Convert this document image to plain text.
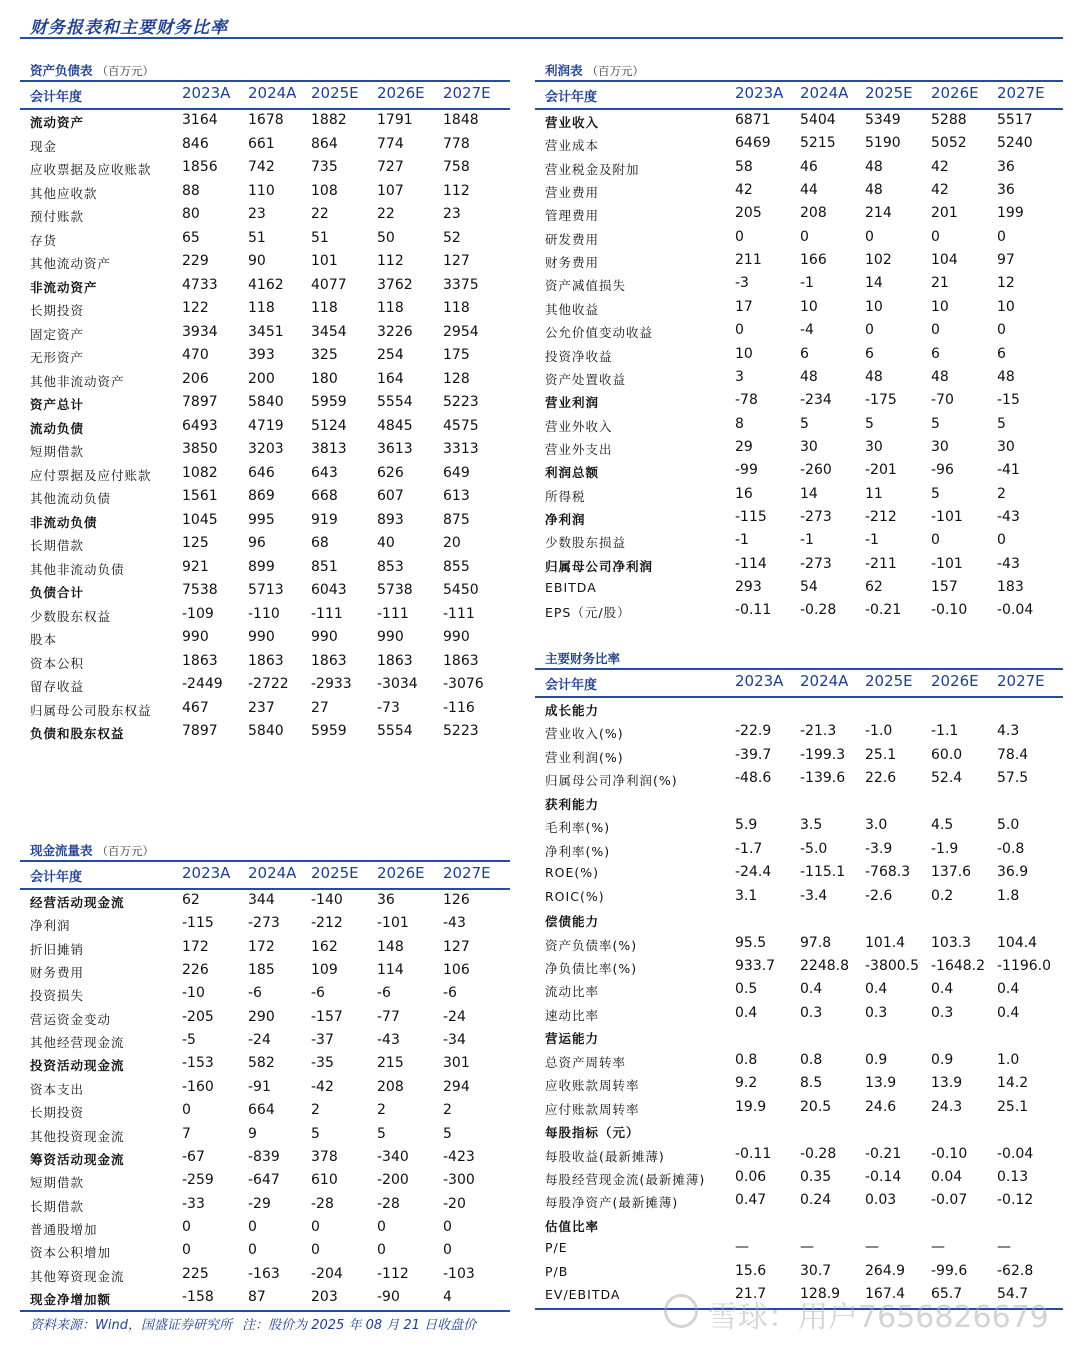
财务报表和主要财务比率
资产负债表 （百万元）
会计年度	2023A 2024A 2025E 2026E 2027E
流动资产	3164 1678 1882 1791 1848
现金	846	661	864	774	778
应收票据及应收账款 1856 742	735	727	758
其他应收款	88	110	108	107	112
预付账款	80	23	22	22	23
存货	65	51	51	50	52
其他流动资产	229	90	101	112	127
非流动资产	4733 4162 4077 3762 3375
长期投资	122	118	118	118	118
固定资产	3934 3451 3454 3226 2954
无形资产	470	393	325	254	175
其他非流动资产	206	200	180	164	128
资产总计	7897 5840 5959 5554 5223
流动负债	6493 4719 5124 4845 4575
短期借款	3850 3203 3813 3613 3313
应付票据及应付账款 1082 646	643	626	649
其他流动负债	1561 869	668	607	613
非流动负债	1045 995	919	893	875
长期借款	125	96	68	40	20
其他非流动负债	921	899	851	853	855
负债合计	7538 5713 6043 5738 5450
少数股东权益	-109 -110 -111 -111 -111
股本	990	990	990	990	990
资本公积	1863 1863 1863 1863 1863
留存收益	-2449 -2722 -2933 -3034 -3076
归属母公司股东权益 467	237	27	-73	-116
负债和股东权益	7897 5840 5959 5554 5223
利润表 （百万元）
会计年度	2023A 2024A 2025E 2026E 2027E
营业收入	6871 5404 5349 5288 5517
营业成本	6469 5215 5190 5052 5240
营业税金及附加	58	46	48	42	36
营业费用	42	44	48	42	36
管理费用	205	208	214	201	199
研发费用	0	0	0	0	0
财务费用	211	166	102	104	97
资产减值损失	-3	-1	14	21	12
其他收益	17	10	10	10	10
公允价值变动收益	0	-4	0	0	0
投资净收益	10	6	6	6	6
资产处置收益	3	48	48	48	48
营业利润	-78	-234 -175 -70	-15
营业外收入	8	5	5	5	5
营业外支出	29	30	30	30	30
利润总额	-99	-260 -201 -96	-41
所得税	16	14	11	5	2
净利润	-115 -273 -212 -101 -43
少数股东损益	-1	-1	-1	0	0
归属母公司净利润	-114 -273 -211 -101 -43
EBITDA	293	54	62	157	183
EPS（元/股）	-0.11 -0.28 -0.21 -0.10 -0.04
主要财务比率
会计年度	2023A 2024A 2025E 2026E 2027E
成长能力
营业收入(%)	-22.9 -21.3 -1.0	-1.1	4.3
营业利润(%)	-39.7 -199.3 25.1 60.0 78.4
归属母公司净利润(%)	-48.6 -139.6 22.6 52.4 57.5
获利能力
毛利率(%)	5.9	3.5	3.0	4.5	5.0
净利率(%)	-1.7	-5.0	-3.9	-1.9	-0.8
ROE(%)	-24.4 -115.1 -768.3 137.6 36.9
ROIC(%)	3.1	-3.4	-2.6	0.2	1.8
偿债能力
资产负债率(%)	95.5 97.8 101.4 103.3 104.4
净负债比率(%)	933.7 2248.8 -3800.5 -1648.2 -1196.0
流动比率	0.5	0.4	0.4	0.4	0.4
速动比率	0.4	0.3	0.3	0.3	0.4
营运能力
总资产周转率	0.8	0.8	0.9	0.9	1.0
应收账款周转率	9.2	8.5	13.9 13.9 14.2
应付账款周转率	19.9 20.5 24.6 24.3 25.1
每股指标（元）
每股收益(最新摊薄)	-0.11 -0.28 -0.21 -0.10 -0.04
每股经营现金流(最新摊薄) 0.06 0.35 -0.14 0.04 0.13
每股净资产(最新摊薄)	0.47 0.24 0.03 -0.07 -0.12
估值比率
P/E	—	—	—	—	—
P/B	15.6 30.7 264.9 -99.6 -62.8
EV/EBITDA	21.7 128.9 167.4 65.7 54.7
现金流量表 （百万元）
会计年度	2023A 2024A 2025E 2026E 2027E
经营活动现金流	62	344	-140 36	126
净利润	-115 -273 -212 -101 -43
折旧摊销	172	172	162	148	127
财务费用	226	185	109	114	106
投资损失	-10	-6	-6	-6	-6
营运资金变动	-205 290	-157 -77	-24
其他经营现金流	-5	-24	-37	-43	-34
投资活动现金流	-153 582	-35	215	301
资本支出	-160 -91	-42	208	294
长期投资	0	664	2	2	2
其他投资现金流	7	9	5	5	5
筹资活动现金流	-67	-839 378	-340 -423
短期借款	-259 -647 610	-200 -300
长期借款	-33	-29	-28	-28	-20
普通股增加	0	0	0	0	0
资本公积增加	0	0	0	0	0
其他筹资现金流	225	-163 -204 -112 -103
现金净增加额	-158 87	203	-90	4
资料来源：Wind，国盛证券研究所 注：股价为 2025 年 08 月 21 日收盘价	雪球：用户7656826679
